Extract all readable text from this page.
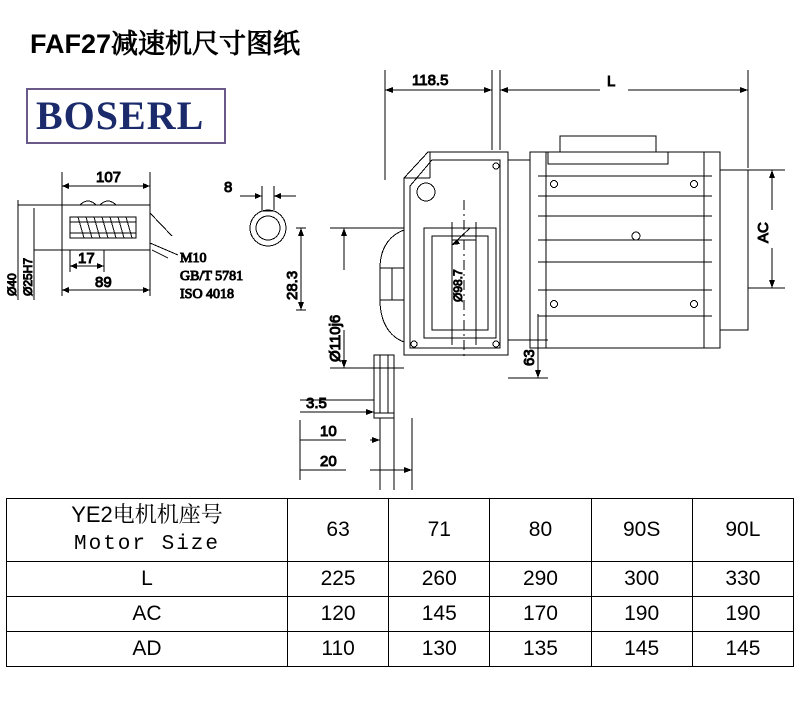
FAF27减速机尺寸图纸
BOSERL
107
Ø40 Ø25H7	17
89
M10
GB/T 5781
ISO 4018
8
28.3
118.5	L
AC
Ø98.7
Ø110j6	63
3.5
10
20
YE2电机机座号
Motor Size	63	71	80	90S	90L
L	225	260	290	300	330
AC	120	145	170	190	190
AD	110	130	135	145	145
